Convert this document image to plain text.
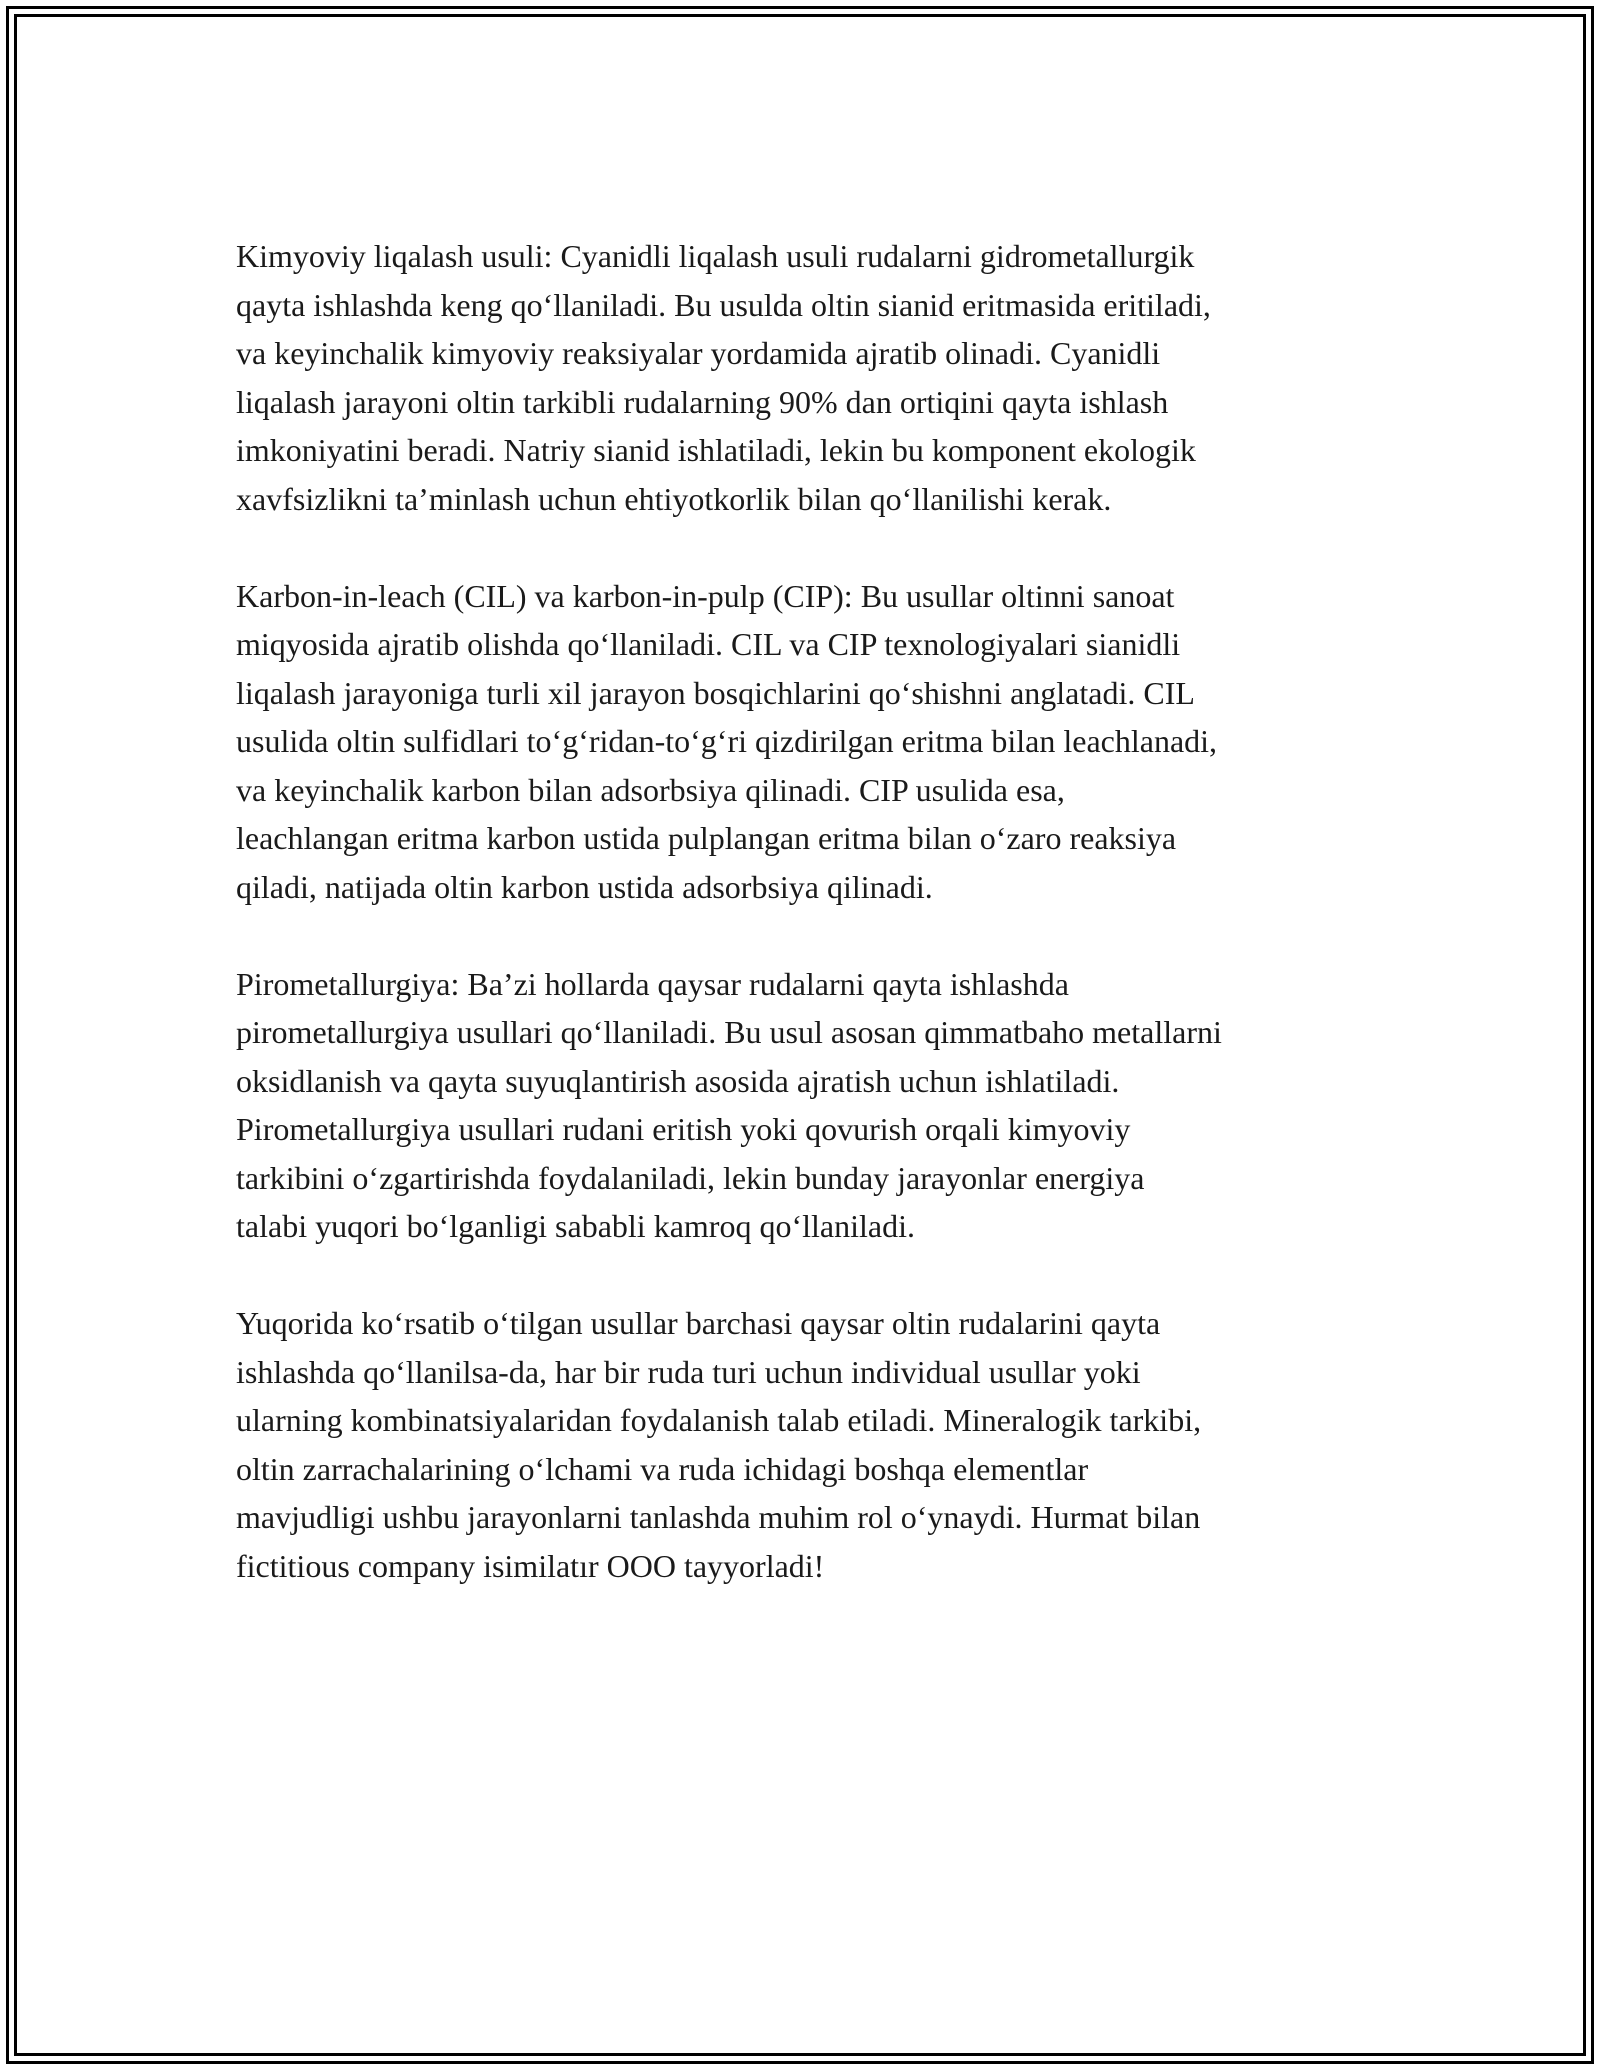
Kimyoviy liqalash usuli: Cyanidli liqalash usuli rudalarni gidrometallurgik
qayta ishlashda keng qo‘llaniladi. Bu usulda oltin sianid eritmasida eritiladi,
va keyinchalik kimyoviy reaksiyalar yordamida ajratib olinadi. Cyanidli
liqalash jarayoni oltin tarkibli rudalarning 90% dan ortiqini qayta ishlash
imkoniyatini beradi. Natriy sianid ishlatiladi, lekin bu komponent ekologik
xavfsizlikni ta’minlash uchun ehtiyotkorlik bilan qo‘llanilishi kerak.

Karbon-in-leach (CIL) va karbon-in-pulp (CIP): Bu usullar oltinni sanoat
miqyosida ajratib olishda qo‘llaniladi. CIL va CIP texnologiyalari sianidli
liqalash jarayoniga turli xil jarayon bosqichlarini qo‘shishni anglatadi. CIL
usulida oltin sulfidlari to‘g‘ridan-to‘g‘ri qizdirilgan eritma bilan leachlanadi,
va keyinchalik karbon bilan adsorbsiya qilinadi. CIP usulida esa,
leachlangan eritma karbon ustida pulplangan eritma bilan o‘zaro reaksiya
qiladi, natijada oltin karbon ustida adsorbsiya qilinadi.

Pirometallurgiya: Ba’zi hollarda qaysar rudalarni qayta ishlashda
pirometallurgiya usullari qo‘llaniladi. Bu usul asosan qimmatbaho metallarni
oksidlanish va qayta suyuqlantirish asosida ajratish uchun ishlatiladi.
Pirometallurgiya usullari rudani eritish yoki qovurish orqali kimyoviy
tarkibini o‘zgartirishda foydalaniladi, lekin bunday jarayonlar energiya
talabi yuqori bo‘lganligi sababli kamroq qo‘llaniladi.

Yuqorida ko‘rsatib o‘tilgan usullar barchasi qaysar oltin rudalarini qayta
ishlashda qo‘llanilsa-da, har bir ruda turi uchun individual usullar yoki
ularning kombinatsiyalaridan foydalanish talab etiladi. Mineralogik tarkibi,
oltin zarrachalarining o‘lchami va ruda ichidagi boshqa elementlar
mavjudligi ushbu jarayonlarni tanlashda muhim rol o‘ynaydi. Hurmat bilan
fictitious company isimilatır OOO tayyorladi!
